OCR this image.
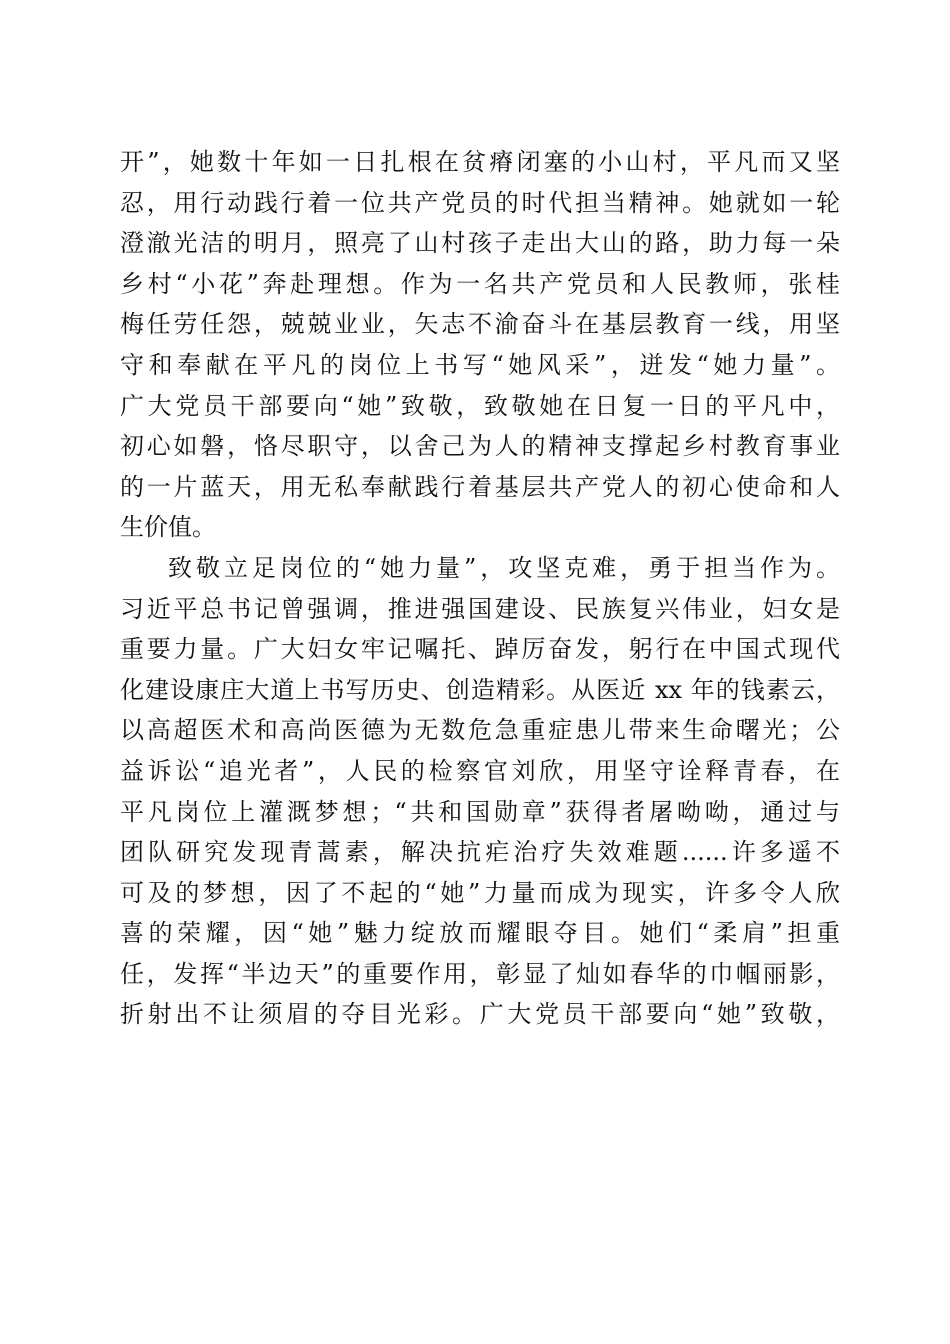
开”，她数十年如一日扎根在贫瘠闭塞的小山村，平凡而又坚
忍，用行动践行着一位共产党员的时代担当精神。她就如一轮
澄澈光洁的明月，照亮了山村孩子走出大山的路，助力每一朵
乡村“小花”奔赴理想。作为一名共产党员和人民教师，张桂
梅任劳任怨，兢兢业业，矢志不渝奋斗在基层教育一线，用坚
守和奉献在平凡的岗位上书写“她风采”，迸发“她力量”。
广大党员干部要向“她”致敬，致敬她在日复一日的平凡中，
初心如磐，恪尽职守，以舍己为人的精神支撑起乡村教育事业
的一片蓝天，用无私奉献践行着基层共产党人的初心使命和人
生价值。
致敬立足岗位的“她力量”，攻坚克难，勇于担当作为。
习近平总书记曾强调，推进强国建设、民族复兴伟业，妇女是
重要力量。广大妇女牢记嘱托、踔厉奋发，躬行在中国式现代
化建设康庄大道上书写历史、创造精彩。从医近 xx 年的钱素云，
以高超医术和高尚医德为无数危急重症患儿带来生命曙光；公
益诉讼“追光者”，人民的检察官刘欣，用坚守诠释青春，在
平凡岗位上灌溉梦想；“共和国勋章”获得者屠呦呦，通过与
团队研究发现青蒿素，解决抗疟治疗失效难题......许多遥不
可及的梦想，因了不起的“她”力量而成为现实，许多令人欣
喜的荣耀，因“她”魅力绽放而耀眼夺目。她们“柔肩”担重
任，发挥“半边天”的重要作用，彰显了灿如春华的巾帼丽影，
折射出不让须眉的夺目光彩。广大党员干部要向“她”致敬，
